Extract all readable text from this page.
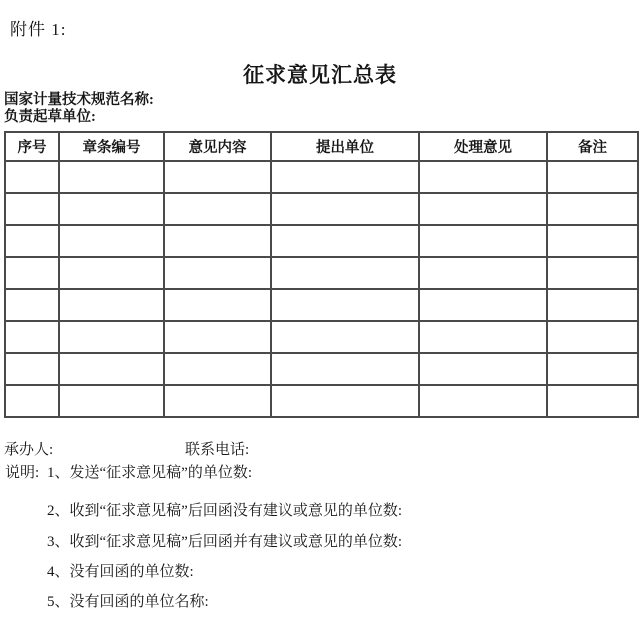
附件 1:
征求意见汇总表
国家计量技术规范名称:
负责起草单位:
序号	章条编号	意见内容	提出单位	处理意见	备注

承办人:	联系电话:
说明: 1、发送“征求意见稿”的单位数:
2、收到“征求意见稿”后回函没有建议或意见的单位数:
3、收到“征求意见稿”后回函并有建议或意见的单位数:
4、没有回函的单位数:
5、没有回函的单位名称:
